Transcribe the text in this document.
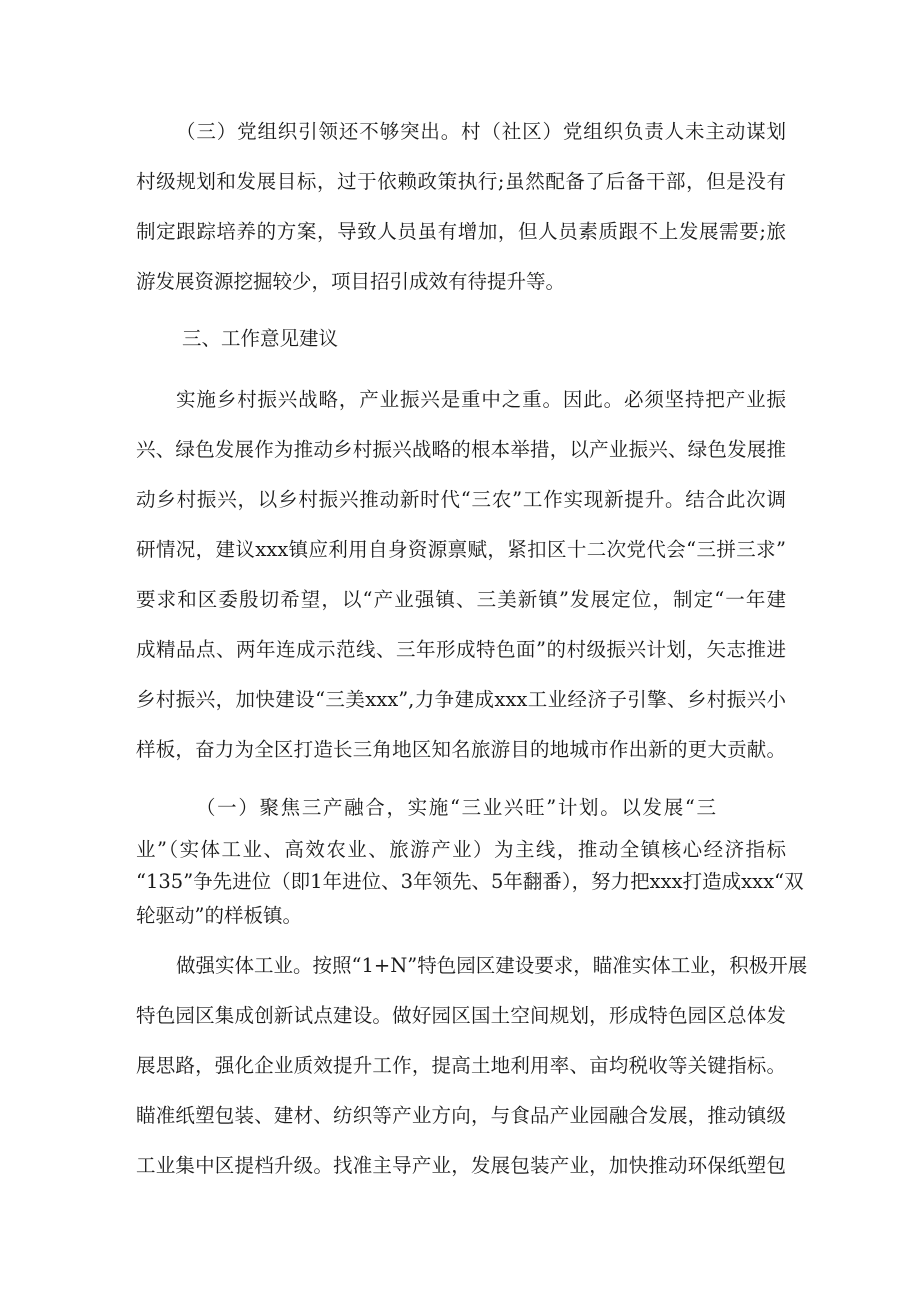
（三）党组织引领还不够突出。村（社区）党组织负责人未主动谋划
村级规划和发展目标，过于依赖政策执行;虽然配备了后备干部，但是没有
制定跟踪培养的方案，导致人员虽有增加，但人员素质跟不上发展需要;旅
游发展资源挖掘较少，项目招引成效有待提升等。
三、工作意见建议
实施乡村振兴战略，产业振兴是重中之重。因此。必须坚持把产业振
兴、绿色发展作为推动乡村振兴战略的根本举措，以产业振兴、绿色发展推
动乡村振兴，以乡村振兴推动新时代“三农”工作实现新提升。结合此次调
研情况，建议xxx镇应利用自身资源禀赋，紧扣区十二次党代会“三拼三求”
要求和区委殷切希望，以“产业强镇、三美新镇”发展定位，制定“一年建
成精品点、两年连成示范线、三年形成特色面”的村级振兴计划，矢志推进
乡村振兴，加快建设“三美xxx”,力争建成xxx工业经济子引擎、乡村振兴小
样板，奋力为全区打造长三角地区知名旅游目的地城市作出新的更大贡献。
（一）聚焦三产融合，实施“三业兴旺”计划。以发展“三
业”（实体工业、高效农业、旅游产业）为主线，推动全镇核心经济指标
“135”争先进位（即1年进位、3年领先、5年翻番），努力把xxx打造成xxx“双
轮驱动”的样板镇。
做强实体工业。按照“1+N”特色园区建设要求，瞄准实体工业，积极开展
特色园区集成创新试点建设。做好园区国土空间规划，形成特色园区总体发
展思路，强化企业质效提升工作，提高土地利用率、亩均税收等关键指标。
瞄准纸塑包装、建材、纺织等产业方向，与食品产业园融合发展，推动镇级
工业集中区提档升级。找准主导产业，发展包装产业，加快推动环保纸塑包
